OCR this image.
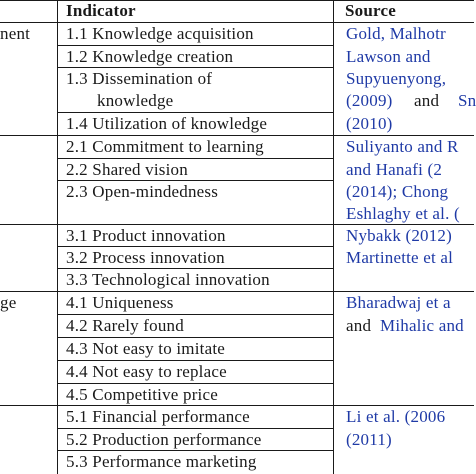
Indicator	Source
nent
ge
1.1 Knowledge acquisition
1.2 Knowledge creation
1.3 Dissemination of
knowledge
1.4 Utilization of knowledge
Gold, Malhotr
Lawson and
Supyuenyong,
(2009) and Sn
(2010)
2.1 Commitment to learning
2.2 Shared vision
2.3 Open-mindedness
Suliyanto and R
and Hanafi (2
(2014); Chong
Eshlaghy et al. (
3.1 Product innovation
3.2 Process innovation
3.3 Technological innovation
Nybakk (2012)
Martinette et al
4.1 Uniqueness
4.2 Rarely found
4.3 Not easy to imitate
4.4 Not easy to replace
4.5 Competitive price
Bharadwaj et a
and Mihalic and
5.1 Financial performance
5.2 Production performance
5.3 Performance marketing
Li et al. (2006
(2011)
